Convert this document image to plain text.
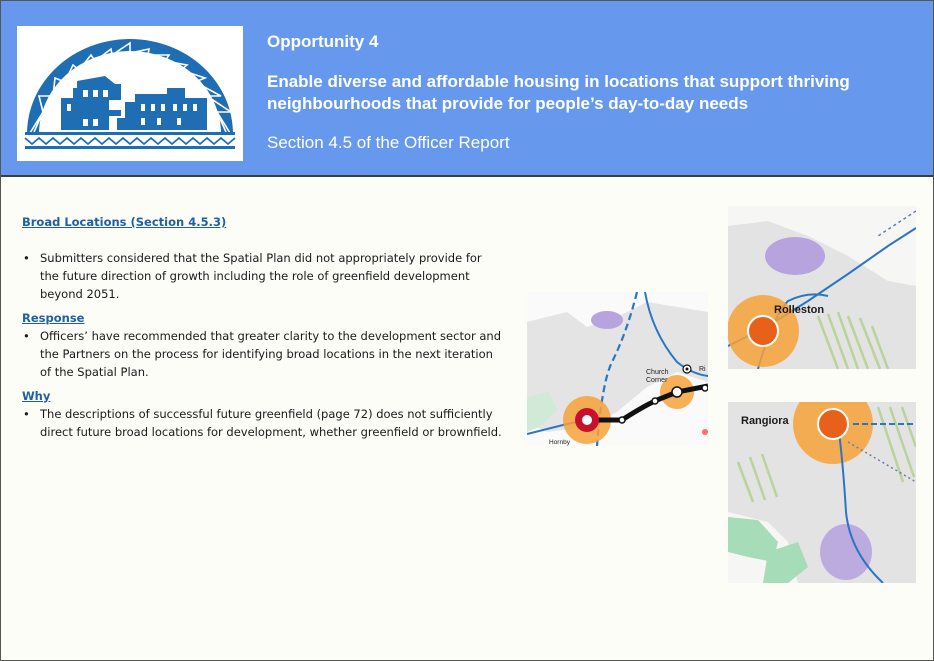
Opportunity 4
Enable diverse and affordable housing in locations that support thriving neighbourhoods that provide for people’s day-to-day needs

Section 4.5 of the Officer Report

Broad Locations (Section 4.5.3)

• Submitters considered that the Spatial Plan did not appropriately provide for the future direction of growth including the role of greenfield development beyond 2051.

Response

• Officers’ have recommended that greater clarity to the development sector and the Partners on the process for identifying broad locations in the next iteration of the Spatial Plan.

Why

• The descriptions of successful future greenfield (page 72) does not sufficiently direct future broad locations for development, whether greenfield or brownfield.
Church
Corner
Ri
Hornby
Rolleston
Rangiora
